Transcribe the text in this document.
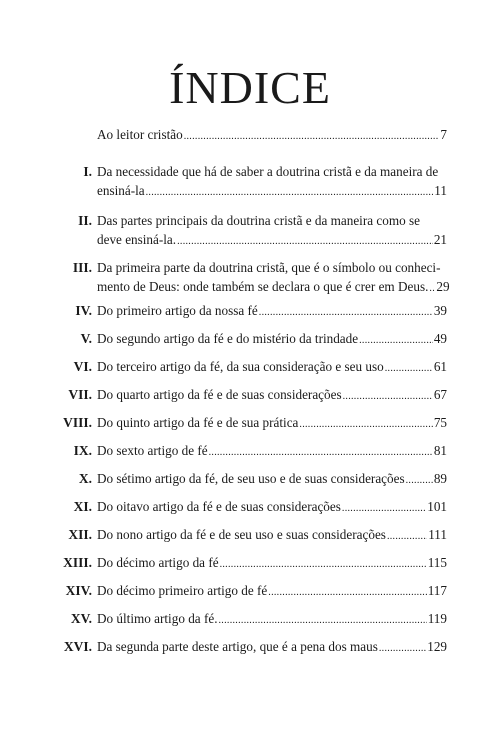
ÍNDICE
Ao leitor cristão .....	7
I. Da necessidade que há de saber a doutrina cristã e da maneira de
ensiná-la .....	11
II. Das partes principais da doutrina cristã e da maneira como se
deve ensiná-la. .....	21
III. Da primeira parte da doutrina cristã, que é o símbolo ou conheci-
mento de Deus: onde também se declara o que é crer em Deus. ..... 29
IV. Do primeiro artigo da nossa fé .....	39
V. Do segundo artigo da fé e do mistério da trindade .....	49
VI. Do terceiro artigo da fé, da sua consideração e seu uso .....	61
VII. Do quarto artigo da fé e de suas considerações .....	67
VIII. Do quinto artigo da fé e de sua prática .....	75
IX. Do sexto artigo de fé .....	81
X. Do sétimo artigo da fé, de seu uso e de suas considerações ..... 89
XI. Do oitavo artigo da fé e de suas considerações .....	101
XII. Do nono artigo da fé e de seu uso e suas considerações .....	111
XIII. Do décimo artigo da fé .....	115
XIV. Do décimo primeiro artigo de fé .....	117
XV. Do último artigo da fé. .....	119
XVI. Da segunda parte deste artigo, que é a pena dos maus .....	129
